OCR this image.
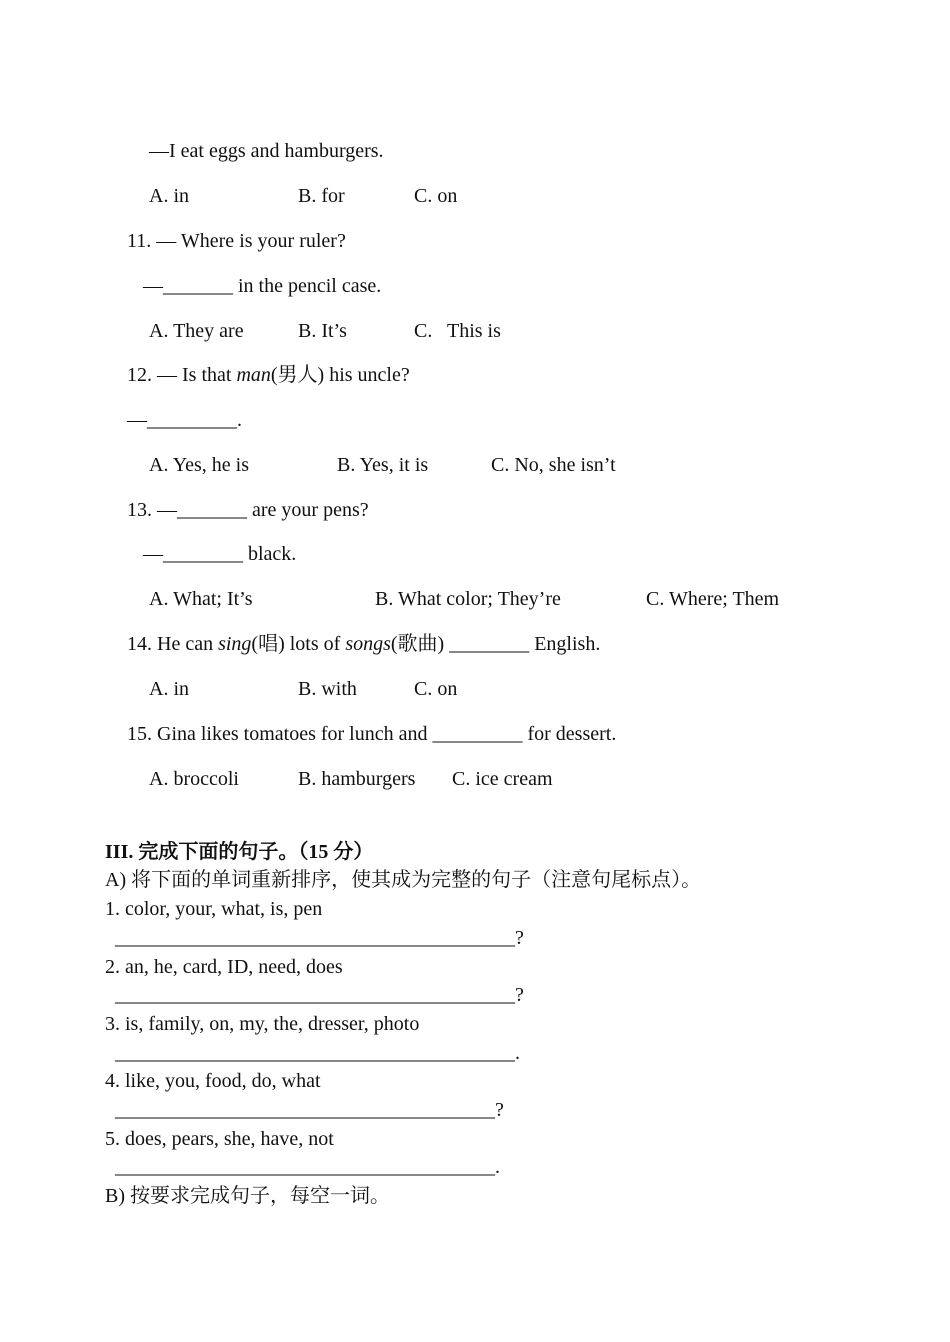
—I eat eggs and hamburgers.
A. in	B. for	C. on
11. — Where is your ruler?
—_______ in the pencil case.
A. They are	B. It’s	C.   This is
12. — Is that man(男人) his uncle?
—_________.
A. Yes, he is	B. Yes, it is	C. No, she isn’t
13. —_______ are your pens?
—________ black.
A. What; It’s	B. What color; They’re	C. Where; Them
14. He can sing(唱) lots of songs(歌曲) ________ English.
A. in	B. with	C. on
15. Gina likes tomatoes for lunch and _________ for dessert.
A. broccoli	B. hamburgers C. ice cream
III. 完成下面的句子。（15 分）
A) 将下面的单词重新排序，使其成为完整的句子（注意句尾标点）。
1. color, your, what, is, pen
________________________________________?
2. an, he, card, ID, need, does
________________________________________?
3. is, family, on, my, the, dresser, photo
________________________________________.
4. like, you, food, do, what
______________________________________?
5. does, pears, she, have, not
______________________________________.
B) 按要求完成句子，每空一词。
